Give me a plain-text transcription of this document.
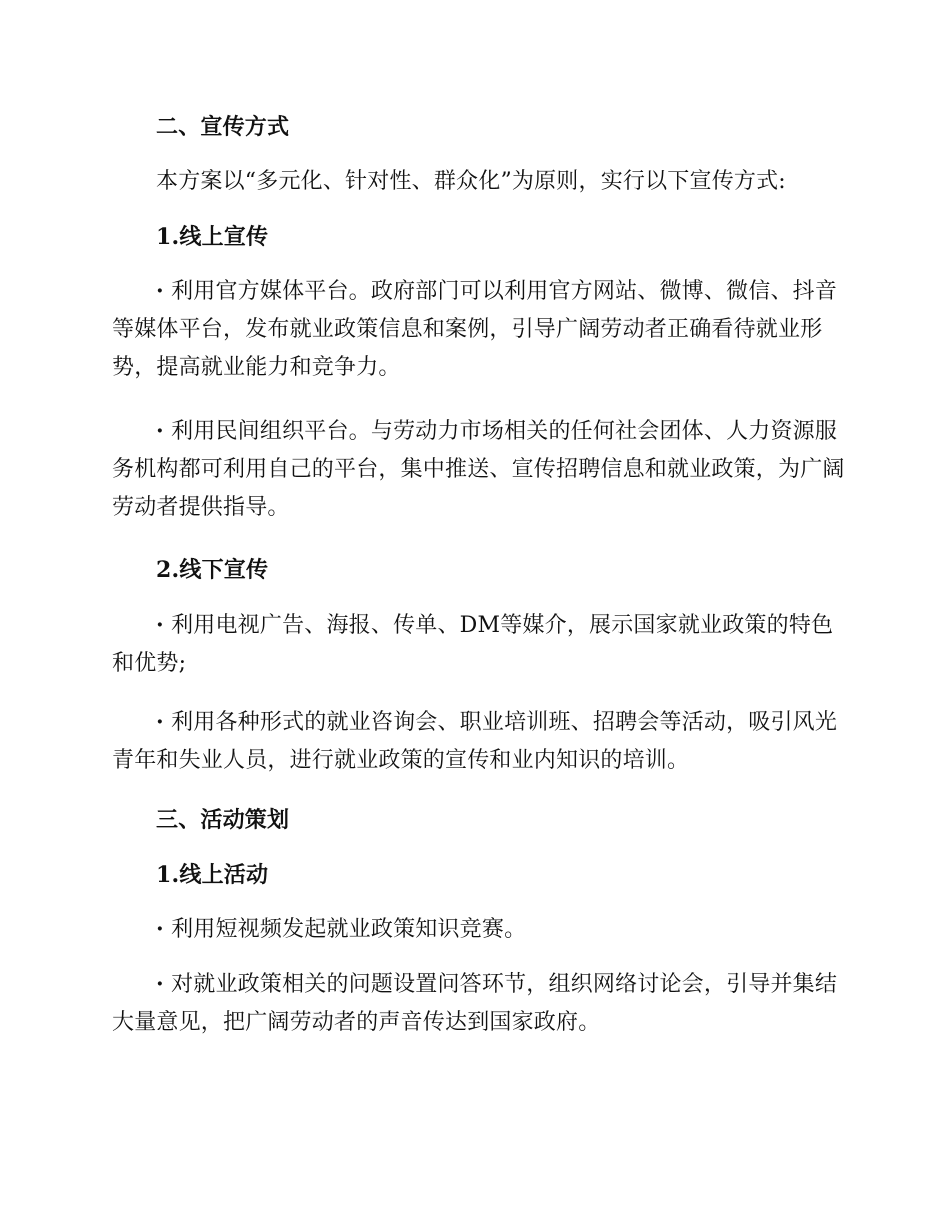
二、宣传方式

本方案以“多元化、针对性、群众化”为原则，实行以下宣传方式:

1.线上宣传

· 利用官方媒体平台。政府部门可以利用官方网站、微博、微信、抖音等媒体平台，发布就业政策信息和案例，引导广阔劳动者正确看待就业形势，提高就业能力和竞争力。

· 利用民间组织平台。与劳动力市场相关的任何社会团体、人力资源服务机构都可利用自己的平台，集中推送、宣传招聘信息和就业政策，为广阔劳动者提供指导。

2.线下宣传

· 利用电视广告、海报、传单、DM等媒介，展示国家就业政策的特色和优势;

· 利用各种形式的就业咨询会、职业培训班、招聘会等活动，吸引风光青年和失业人员，进行就业政策的宣传和业内知识的培训。

三、活动策划

1.线上活动

· 利用短视频发起就业政策知识竞赛。

· 对就业政策相关的问题设置问答环节，组织网络讨论会，引导并集结大量意见，把广阔劳动者的声音传达到国家政府。
